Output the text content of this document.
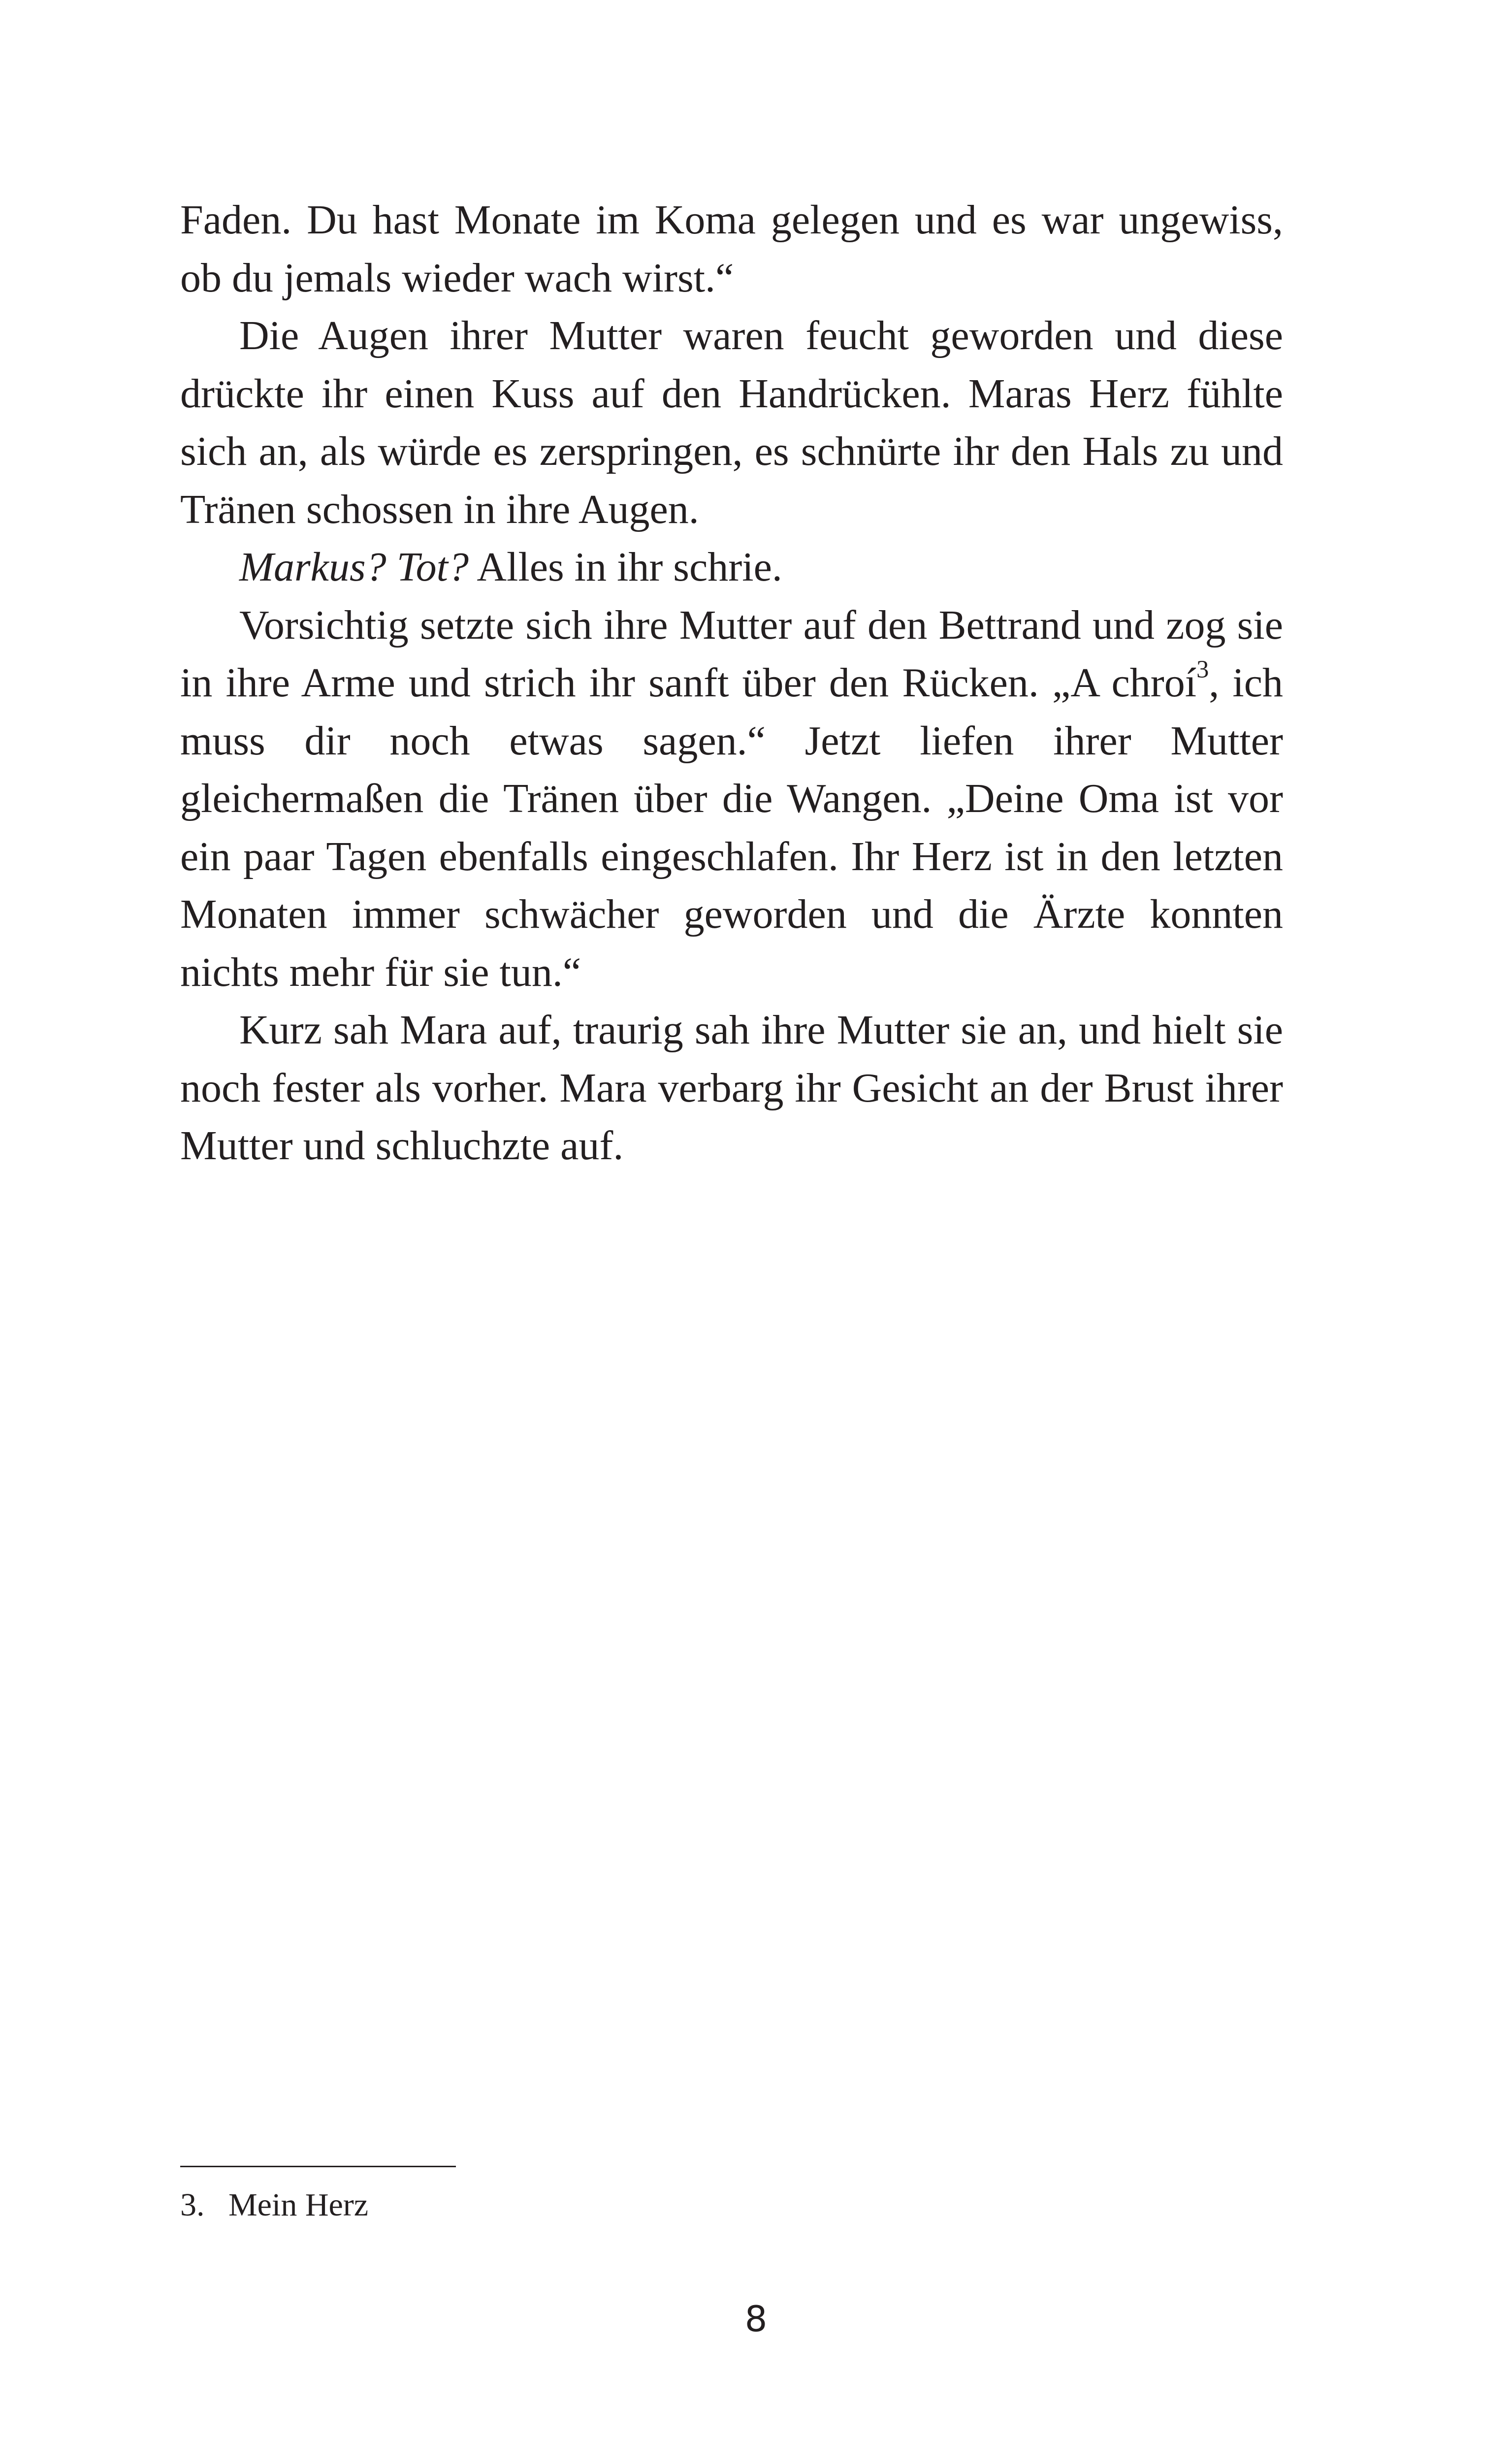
Faden. Du hast Monate im Koma gelegen und es war ungewiss, ob du jemals wieder wach wirst.“

Die Augen ihrer Mutter waren feucht geworden und diese drückte ihr einen Kuss auf den Handrücken. Maras Herz fühlte sich an, als würde es zerspringen, es schnürte ihr den Hals zu und Tränen schossen in ihre Augen.

Markus? Tot? Alles in ihr schrie.

Vorsichtig setzte sich ihre Mutter auf den Bettrand und zog sie in ihre Arme und strich ihr sanft über den Rücken. „A chroí$^3$, ich muss dir noch etwas sagen.“ Jetzt liefen ihrer Mutter gleichermaßen die Tränen über die Wangen. „Deine Oma ist vor ein paar Tagen ebenfalls eingeschlafen. Ihr Herz ist in den letzten Monaten immer schwächer geworden und die Ärzte konnten nichts mehr für sie tun.“

Kurz sah Mara auf, traurig sah ihre Mutter sie an, und hielt sie noch fester als vorher. Mara verbarg ihr Gesicht an der Brust ihrer Mutter und schluchzte auf.

3. Mein Herz
8
